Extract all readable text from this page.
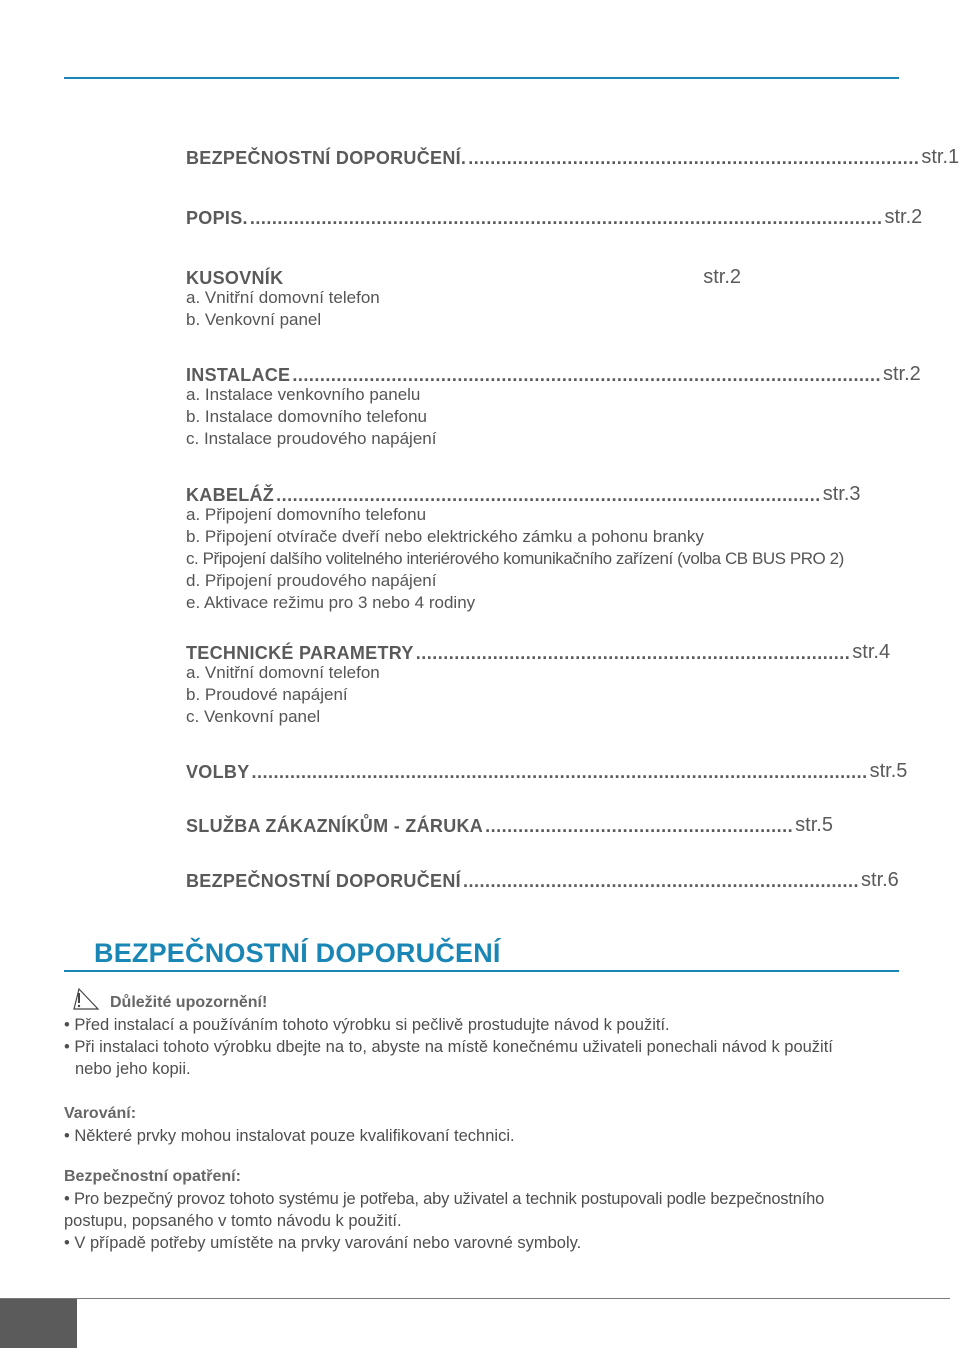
BEZPEČNOSTNÍ DOPORUČENÍ. .................................................................................. str.1
POPIS. ................................................................................................................... str.2
KUSOVNÍK	str.2
a. Vnitřní domovní telefon
b. Venkovní panel
INSTALACE ........................................................................................................... str.2
a. Instalace venkovního panelu
b. Instalace domovního telefonu
c. Instalace proudového napájení
KABELÁŽ ................................................................................................... str.3
a. Připojení domovního telefonu
b. Připojení otvírače dveří nebo elektrického zámku a pohonu branky
c. Připojení dalšího volitelného interiérového komunikačního zařízení (volba CB BUS PRO 2)
d. Připojení proudového napájení
e. Aktivace režimu pro 3 nebo 4 rodiny
TECHNICKÉ PARAMETRY ............................................................................... str.4
a. Vnitřní domovní telefon
b. Proudové napájení
c. Venkovní panel
VOLBY ................................................................................................................ str.5
SLUŽBA ZÁKAZNÍKŮM - ZÁRUKA ........................................................ str.5
BEZPEČNOSTNÍ DOPORUČENÍ ........................................................................ str.6
BEZPEČNOSTNÍ DOPORUČENÍ
Důležité upozornění!
• Před instalací a používáním tohoto výrobku si pečlivě prostudujte návod k použití.
• Při instalaci tohoto výrobku dbejte na to, abyste na místě konečnému uživateli ponechali návod k použití
nebo jeho kopii.
Varování:
• Některé prvky mohou instalovat pouze kvalifikovaní technici.
Bezpečnostní opatření:
• Pro bezpečný provoz tohoto systému je potřeba, aby uživatel a technik postupovali podle bezpečnostního
postupu, popsaného v tomto návodu k použití.
• V případě potřeby umístěte na prvky varování nebo varovné symboly.
